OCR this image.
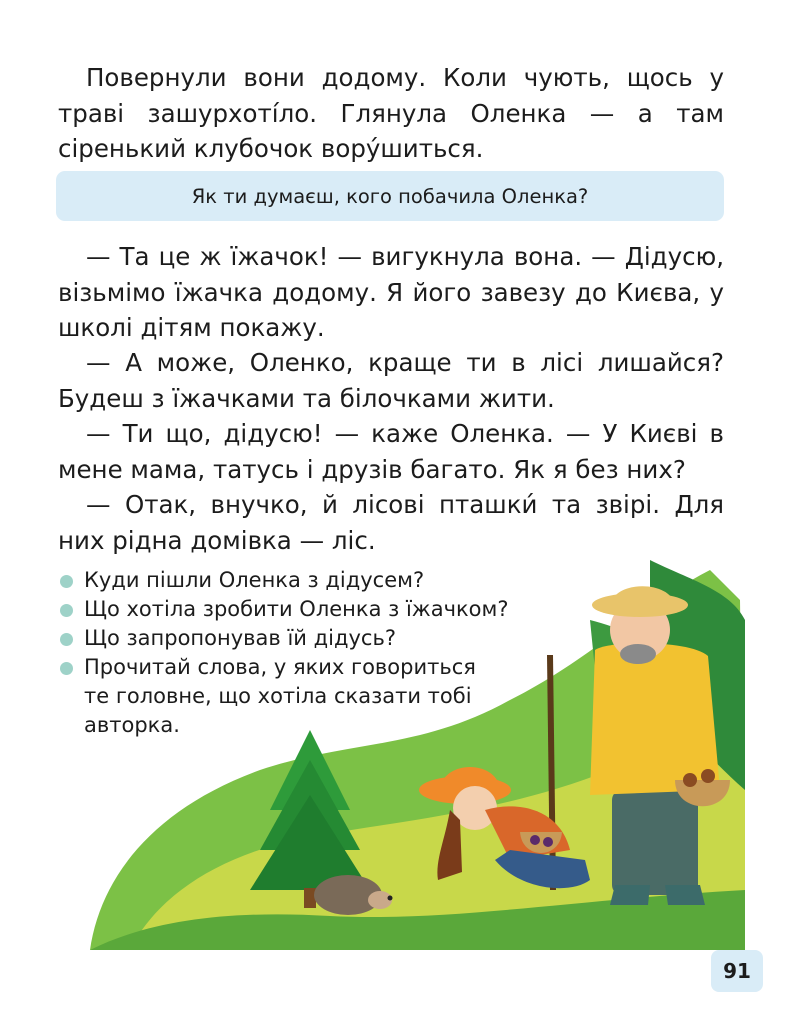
Повернули вони додому. Коли чують, щось у траві зашурхоті́ло. Глянула Оленка — а там сіренький клубочок вору́шиться.

Як ти думаєш, кого побачила Оленка?

— Та це ж їжачок! — вигукнула вона. — Дідусю, візьмімо їжачка додому. Я його завезу до Києва, у школі дітям покажу.

— А може, Оленко, краще ти в лісі лишайся? Будеш з їжачками та білочками жити.

— Ти що, дідусю! — каже Оленка. — У Києві в мене мама, татусь і друзів багато. Як я без них?

— Отак, внучко, й лісові пташки́ та звірі. Для них рідна домівка — ліс.

Куди пішли Оленка з дідусем?
Що хотіла зробити Оленка з їжачком?
Що запропонував їй дідусь?
Прочитай слова, у яких говориться те головне, що хотіла сказати тобі авторка.
91
